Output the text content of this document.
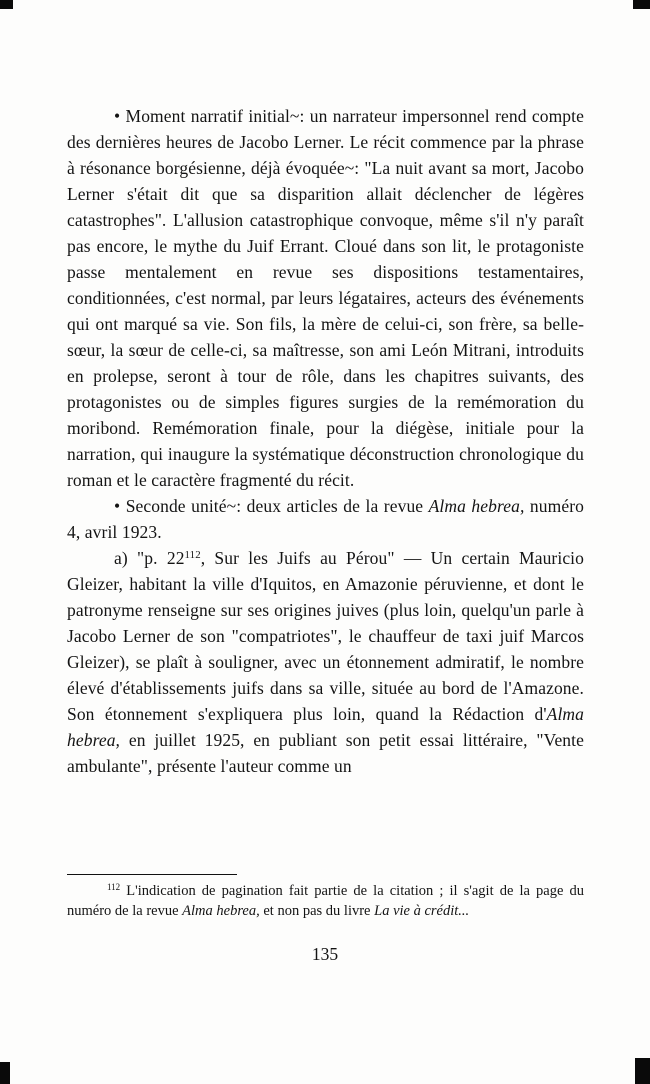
• Moment narratif initial~: un narrateur impersonnel rend compte des dernières heures de Jacobo Lerner. Le récit commence par la phrase à résonance borgésienne, déjà évoquée~: "La nuit avant sa mort, Jacobo Lerner s'était dit que sa disparition allait déclencher de légères catastrophes". L'allusion catastrophique convoque, même s'il n'y paraît pas encore, le mythe du Juif Errant. Cloué dans son lit, le protagoniste passe mentalement en revue ses dispositions testamentaires, conditionnées, c'est normal, par leurs légataires, acteurs des événements qui ont marqué sa vie. Son fils, la mère de celui-ci, son frère, sa belle-sœur, la sœur de celle-ci, sa maîtresse, son ami León Mitrani, introduits en prolepse, seront à tour de rôle, dans les chapitres suivants, des protagonistes ou de simples figures surgies de la remémoration du moribond. Remémoration finale, pour la diégèse, initiale pour la narration, qui inaugure la systématique déconstruction chronologique du roman et le caractère fragmenté du récit.

• Seconde unité~: deux articles de la revue Alma hebrea, numéro 4, avril 1923.

a) "p. 22$^{112}$, Sur les Juifs au Pérou" — Un certain Mauricio Gleizer, habitant la ville d'Iquitos, en Amazonie péruvienne, et dont le patronyme renseigne sur ses origines juives (plus loin, quelqu'un parle à Jacobo Lerner de son "compatriotes", le chauffeur de taxi juif Marcos Gleizer), se plaît à souligner, avec un étonnement admiratif, le nombre élevé d'établissements juifs dans sa ville, située au bord de l'Amazone. Son étonnement s'expliquera plus loin, quand la Rédaction d'Alma hebrea, en juillet 1925, en publiant son petit essai littéraire, "Vente ambulante", présente l'auteur comme un

$^{112}$ L'indication de pagination fait partie de la citation ; il s'agit de la page du numéro de la revue Alma hebrea, et non pas du livre La vie à crédit...

135
